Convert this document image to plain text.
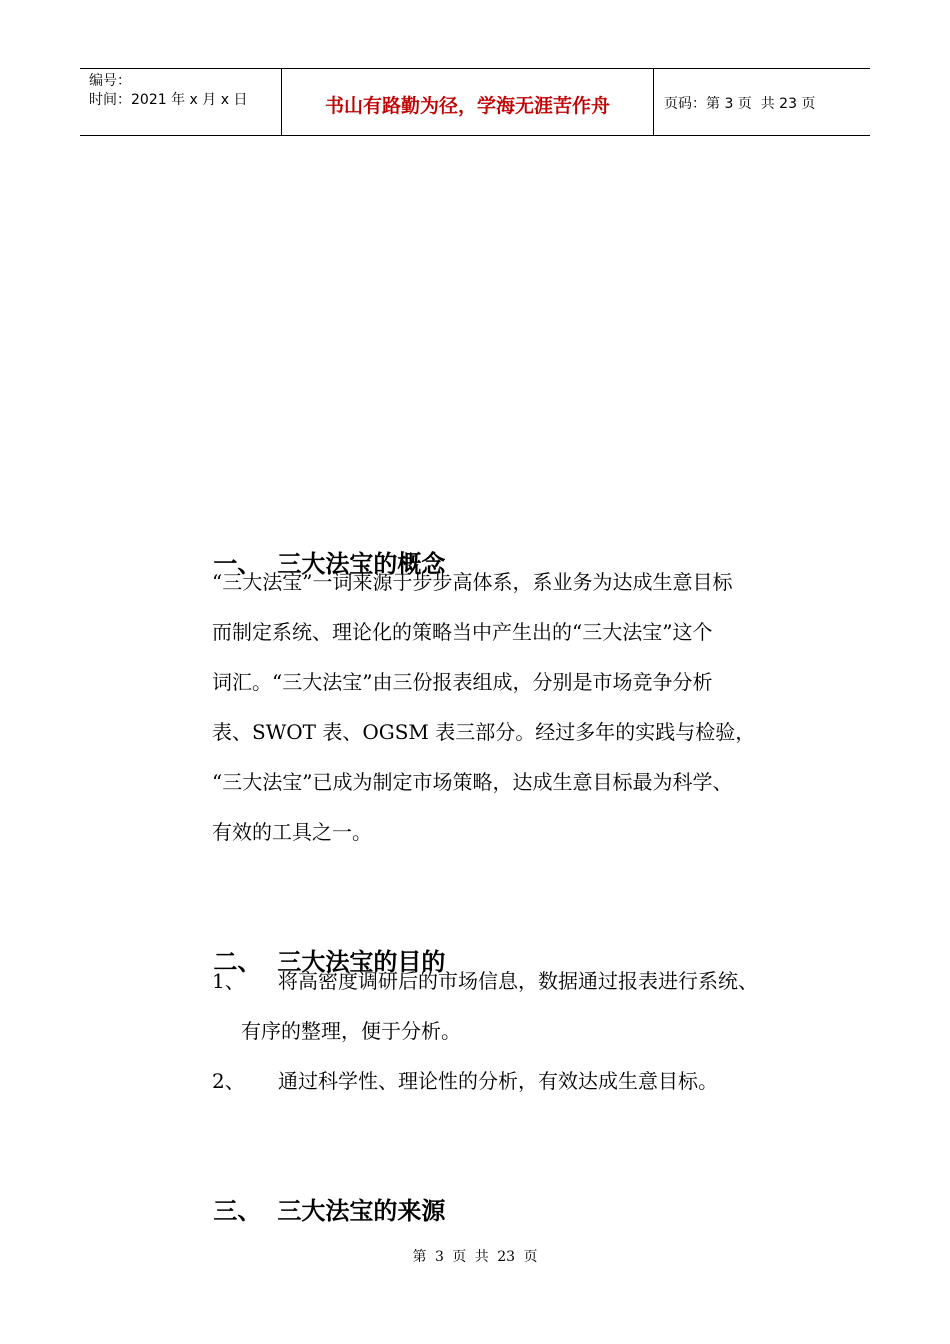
编号：
时间：2021 年 x 月 x 日	书山有路勤为径，学海无涯苦作舟	页码：第 3 页  共 23 页

一、 三大法宝的概念

“三大法宝”一词来源于步步高体系，系业务为达成生意目标
而制定系统、理论化的策略当中产生出的“三大法宝”这个
词汇。“三大法宝”由三份报表组成，分别是市场竞争分析
表、SWOT 表、OGSM 表三部分。经过多年的实践与检验，
“三大法宝”已成为制定市场策略，达成生意目标最为科学、
有效的工具之一。

二、 三大法宝的目的

1、 将高密度调研后的市场信息，数据通过报表进行系统、
有序的整理，便于分析。
2、 通过科学性、理论性的分析，有效达成生意目标。

三、 三大法宝的来源

第 3 页 共 23 页
